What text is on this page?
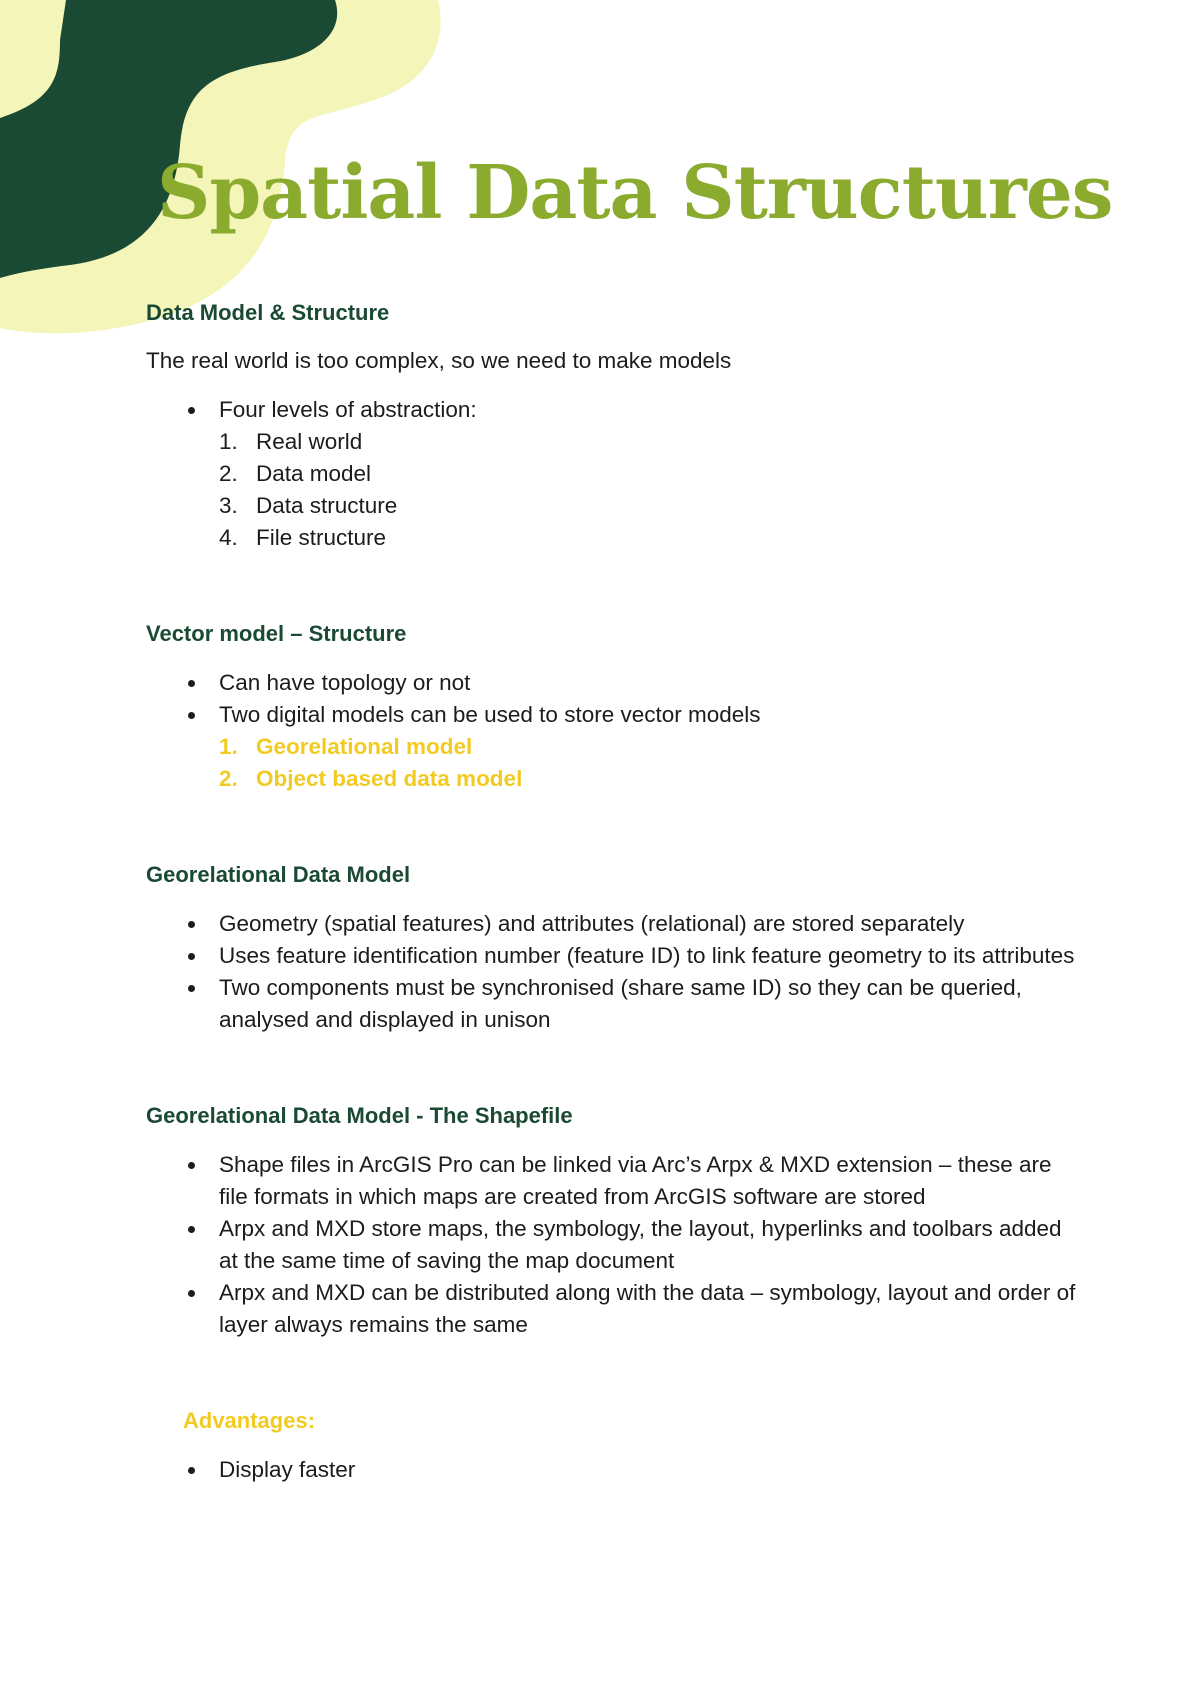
Spatial Data Structures
Data Model & Structure

The real world is too complex, so we need to make models

Four levels of abstraction:
1. Real world
2. Data model
3. Data structure
4. File structure
Vector model – Structure
Can have topology or not
Two digital models can be used to store vector models
1. Georelational model
2. Object based data model
Georelational Data Model
Geometry (spatial features) and attributes (relational) are stored separately
Uses feature identification number (feature ID) to link feature geometry to its attributes
Two components must be synchronised (share same ID) so they can be queried, analysed and displayed in unison
Georelational Data Model - The Shapefile
Shape files in ArcGIS Pro can be linked via Arc’s Arpx & MXD extension – these are file formats in which maps are created from ArcGIS software are stored
Arpx and MXD store maps, the symbology, the layout, hyperlinks and toolbars added at the same time of saving the map document
Arpx and MXD can be distributed along with the data – symbology, layout and order of layer always remains the same
Advantages:
Display faster
